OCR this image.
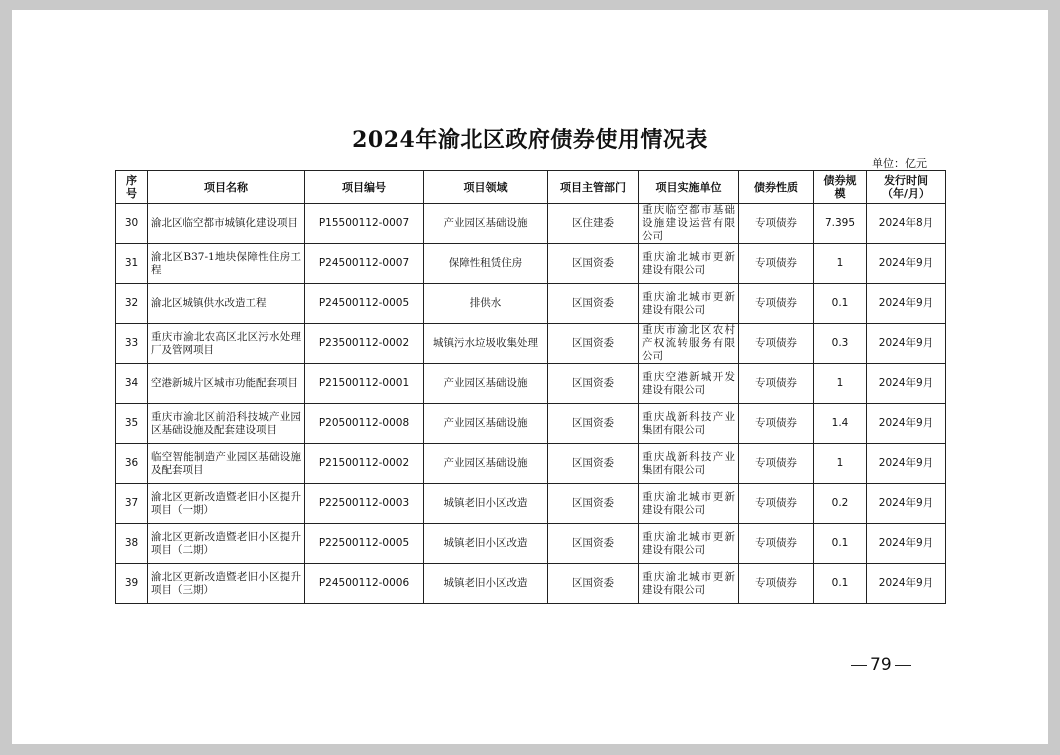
2024年渝北区政府债券使用情况表
单位：亿元
序号	项目名称	项目编号	项目领域	项目主管部门	项目实施单位	债券性质	债券规模	发行时间（年/月）
30	渝北区临空都市城镇化建设项目	P15500112-0007	产业园区基础设施	区住建委	重庆临空都市基础设施建设运营有限公司	专项债券	7.395	2024年8月
31	渝北区B37-1地块保障性住房工程	P24500112-0007	保障性租赁住房	区国资委	重庆渝北城市更新建设有限公司	专项债券	1	2024年9月
32	渝北区城镇供水改造工程	P24500112-0005	排供水	区国资委	重庆渝北城市更新建设有限公司	专项债券	0.1	2024年9月
33	重庆市渝北农高区北区污水处理厂及管网项目	P23500112-0002	城镇污水垃圾收集处理	区国资委	重庆市渝北区农村产权流转服务有限公司	专项债券	0.3	2024年9月
34	空港新城片区城市功能配套项目	P21500112-0001	产业园区基础设施	区国资委	重庆空港新城开发建设有限公司	专项债券	1	2024年9月
35	重庆市渝北区前沿科技城产业园区基础设施及配套建设项目	P20500112-0008	产业园区基础设施	区国资委	重庆战新科技产业集团有限公司	专项债券	1.4	2024年9月
36	临空智能制造产业园区基础设施及配套项目	P21500112-0002	产业园区基础设施	区国资委	重庆战新科技产业集团有限公司	专项债券	1	2024年9月
37	渝北区更新改造暨老旧小区提升项目（一期）	P22500112-0003	城镇老旧小区改造	区国资委	重庆渝北城市更新建设有限公司	专项债券	0.2	2024年9月
38	渝北区更新改造暨老旧小区提升项目（二期）	P22500112-0005	城镇老旧小区改造	区国资委	重庆渝北城市更新建设有限公司	专项债券	0.1	2024年9月
39	渝北区更新改造暨老旧小区提升项目（三期）	P24500112-0006	城镇老旧小区改造	区国资委	重庆渝北城市更新建设有限公司	专项债券	0.1	2024年9月
79
